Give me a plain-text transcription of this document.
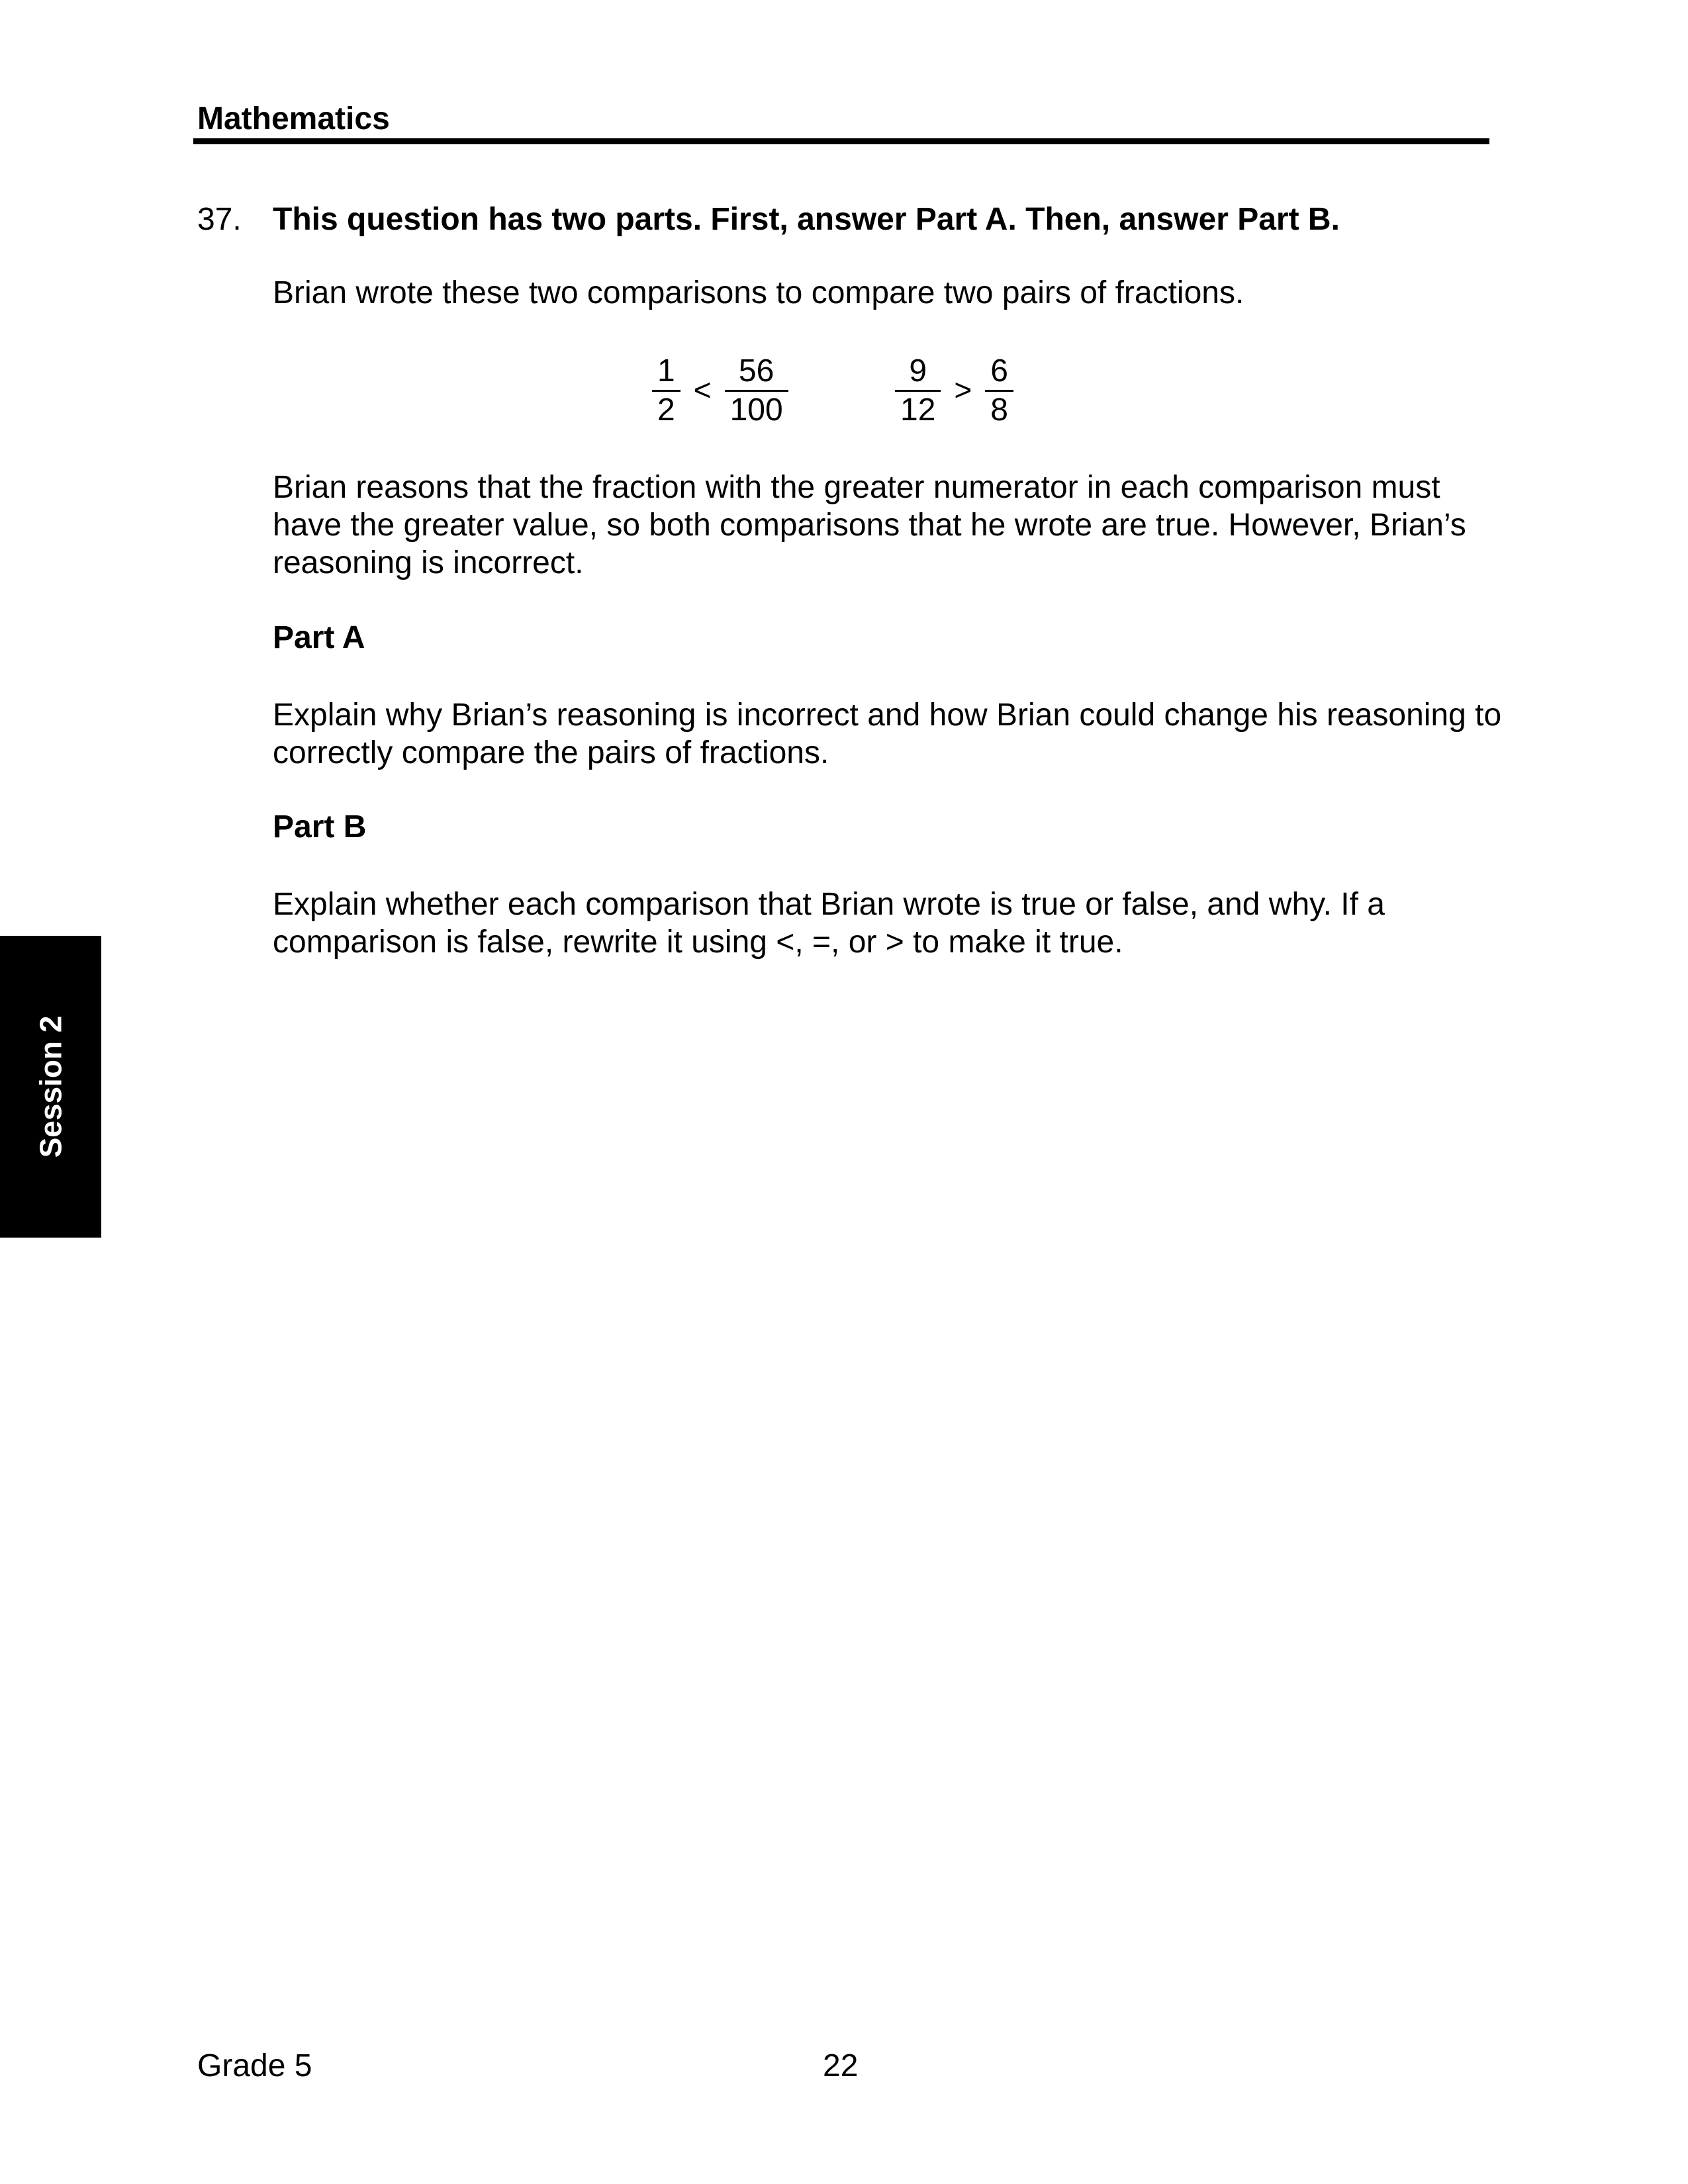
Mathematics
37. This question has two parts. First, answer Part A. Then, answer Part B.
Brian wrote these two comparisons to compare two pairs of fractions.
$\frac{1}{2} < \frac{56}{100}$	$\frac{9}{12} > \frac{6}{8}$
Brian reasons that the fraction with the greater numerator in each comparison must have the greater value, so both comparisons that he wrote are true. However, Brian’s reasoning is incorrect.
Part A
Explain why Brian’s reasoning is incorrect and how Brian could change his reasoning to correctly compare the pairs of fractions.
Part B
Explain whether each comparison that Brian wrote is true or false, and why. If a comparison is false, rewrite it using <, =, or > to make it true.
Session 2
Grade 5	22
